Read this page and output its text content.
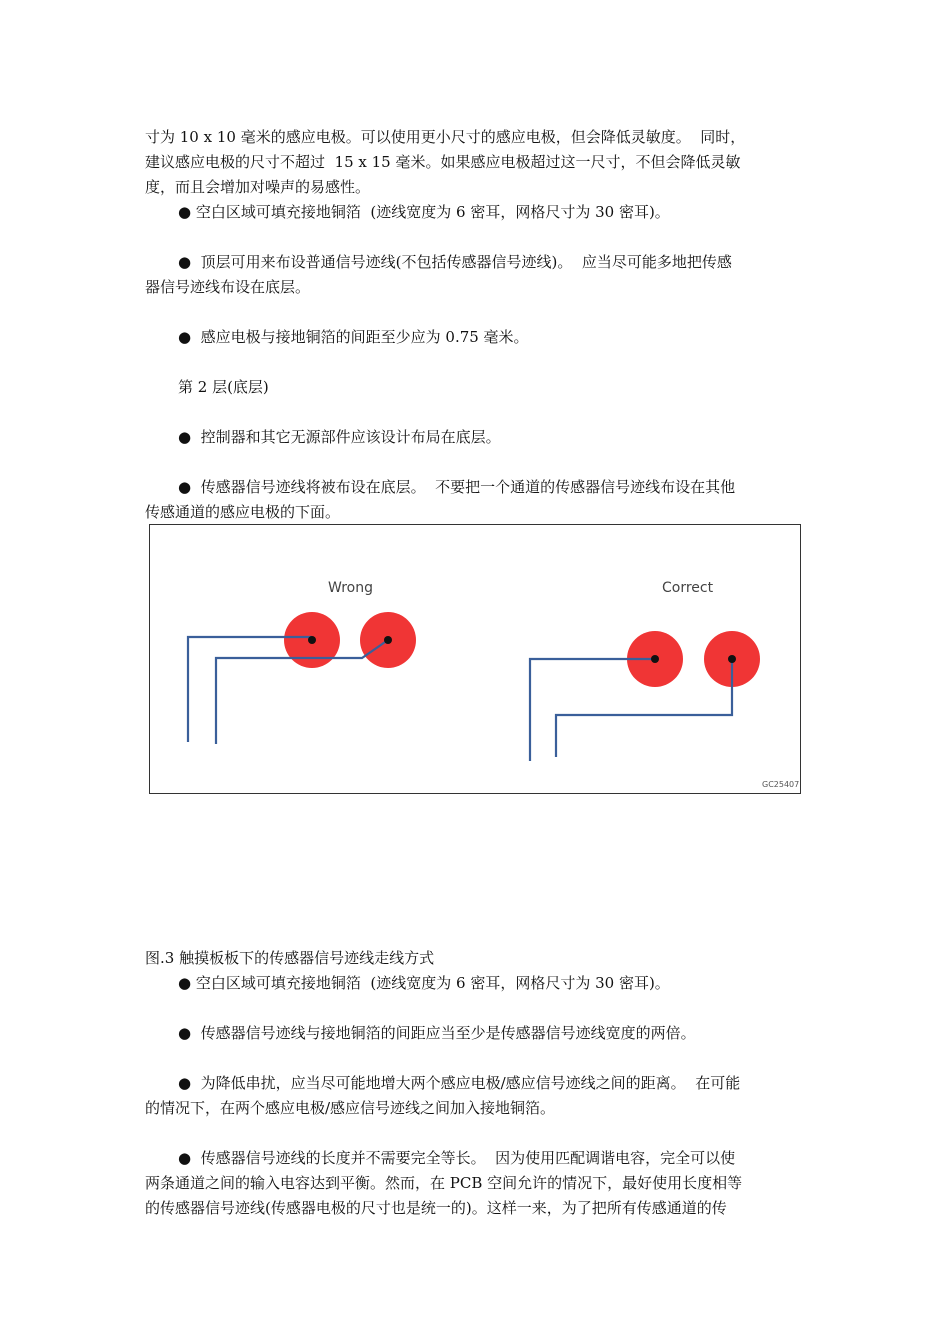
寸为 10 x 10 毫米的感应电极。可以使用更小尺寸的感应电极，但会降低灵敏度。  同时，
建议感应电极的尺寸不超过  15 x 15 毫米。如果感应电极超过这一尺寸，不但会降低灵敏
度，而且会增加对噪声的易感性。
● 空白区域可填充接地铜箔  (迹线宽度为 6 密耳，网格尺寸为 30 密耳)。
●  顶层可用来布设普通信号迹线(不包括传感器信号迹线)。  应当尽可能多地把传感
器信号迹线布设在底层。
●  感应电极与接地铜箔的间距至少应为 0.75 毫米。
第 2 层(底层)
●  控制器和其它无源部件应该设计布局在底层。
●  传感器信号迹线将被布设在底层。  不要把一个通道的传感器信号迹线布设在其他
传感通道的感应电极的下面。
Wrong	Correct
GC25407
图.3 触摸板板下的传感器信号迹线走线方式
● 空白区域可填充接地铜箔  (迹线宽度为 6 密耳，网格尺寸为 30 密耳)。
●  传感器信号迹线与接地铜箔的间距应当至少是传感器信号迹线宽度的两倍。
●  为降低串扰，应当尽可能地增大两个感应电极/感应信号迹线之间的距离。  在可能
的情况下，在两个感应电极/感应信号迹线之间加入接地铜箔。
●  传感器信号迹线的长度并不需要完全等长。  因为使用匹配调谐电容，完全可以使
两条通道之间的输入电容达到平衡。然而，在 PCB 空间允许的情况下，最好使用长度相等
的传感器信号迹线(传感器电极的尺寸也是统一的)。这样一来，为了把所有传感通道的传
